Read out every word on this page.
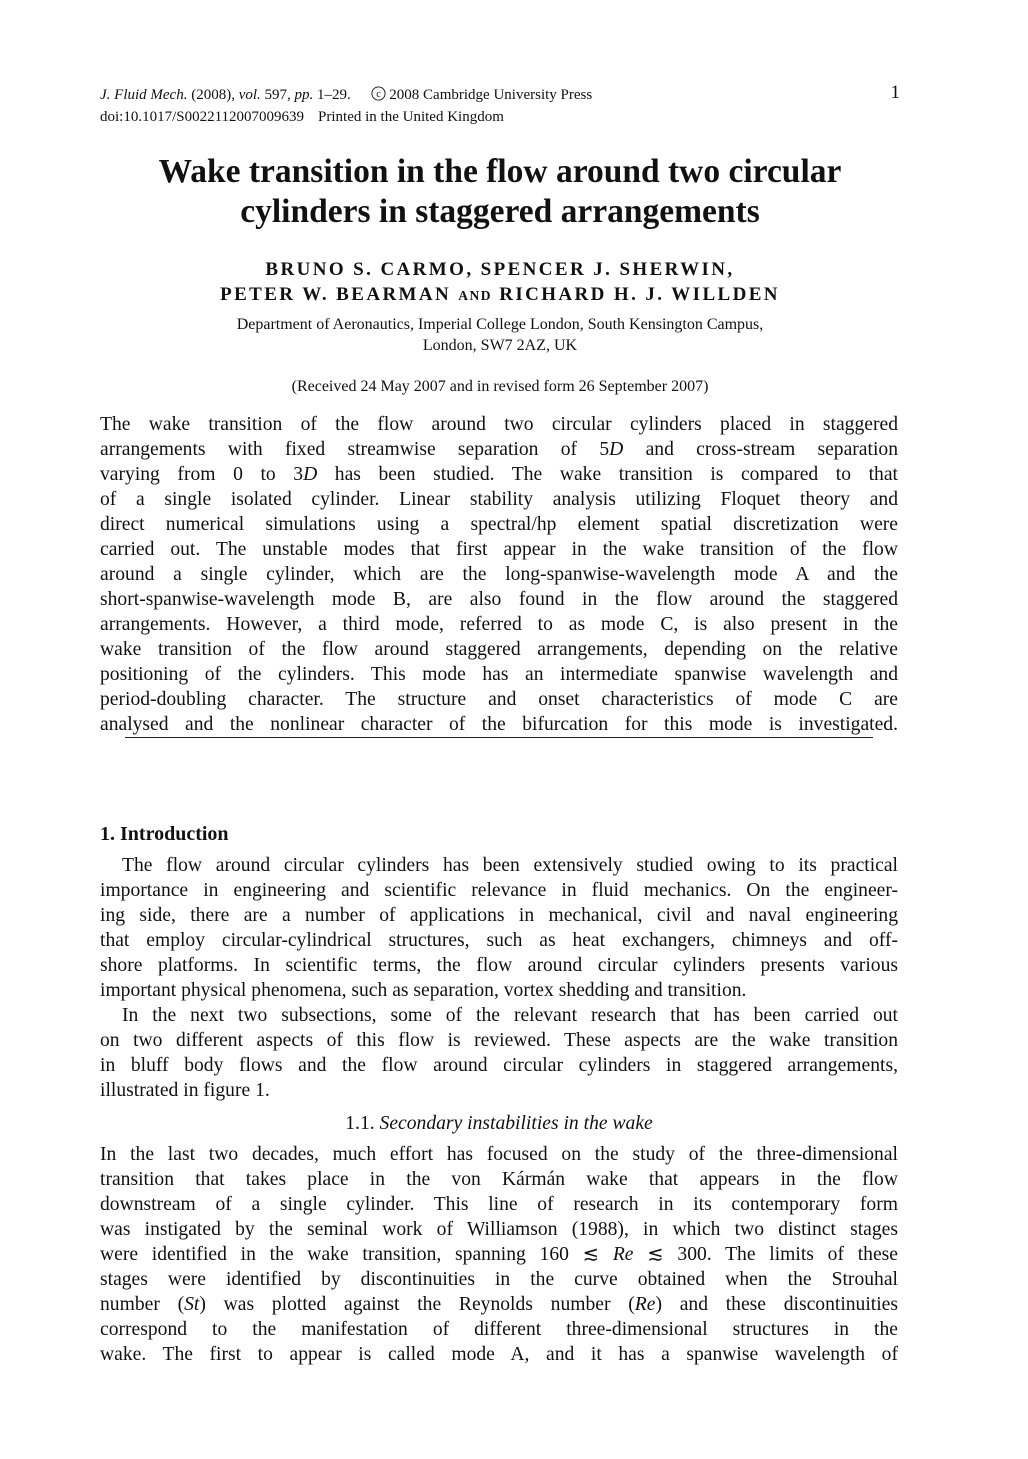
J. Fluid Mech. (2008), vol. 597, pp. 1–29.	c 2008 Cambridge University Press	1
doi:10.1017/S0022112007009639 Printed in the United Kingdom
Wake transition in the flow around two circular
cylinders in staggered arrangements
BRUNO S. CARMO, SPENCER J. SHERWIN,
PETER W. BEARMAN AND RICHARD H. J. WILLDEN
Department of Aeronautics, Imperial College London, South Kensington Campus,
London, SW7 2AZ, UK
(Received 24 May 2007 and in revised form 26 September 2007)
The wake transition of the flow around two circular cylinders placed in staggered
arrangements with fixed streamwise separation of 5D and cross-stream separation
varying from 0 to 3D has been studied. The wake transition is compared to that
of a single isolated cylinder. Linear stability analysis utilizing Floquet theory and
direct numerical simulations using a spectral/hp element spatial discretization were
carried out. The unstable modes that first appear in the wake transition of the flow
around a single cylinder, which are the long-spanwise-wavelength mode A and the
short-spanwise-wavelength mode B, are also found in the flow around the staggered
arrangements. However, a third mode, referred to as mode C, is also present in the
wake transition of the flow around staggered arrangements, depending on the relative
positioning of the cylinders. This mode has an intermediate spanwise wavelength and
period-doubling character. The structure and onset characteristics of mode C are
analysed and the nonlinear character of the bifurcation for this mode is investigated.
1. Introduction
The flow around circular cylinders has been extensively studied owing to its practical
importance in engineering and scientific relevance in fluid mechanics. On the engineer-
ing side, there are a number of applications in mechanical, civil and naval engineering
that employ circular-cylindrical structures, such as heat exchangers, chimneys and off-
shore platforms. In scientific terms, the flow around circular cylinders presents various
important physical phenomena, such as separation, vortex shedding and transition.
In the next two subsections, some of the relevant research that has been carried out
on two different aspects of this flow is reviewed. These aspects are the wake transition
in bluff body flows and the flow around circular cylinders in staggered arrangements,
illustrated in figure 1.
1.1. Secondary instabilities in the wake
In the last two decades, much effort has focused on the study of the three-dimensional
transition that takes place in the von Kármán wake that appears in the flow
downstream of a single cylinder. This line of research in its contemporary form
was instigated by the seminal work of Williamson (1988), in which two distinct stages
were identified in the wake transition, spanning 160 ≲ Re ≲ 300. The limits of these
stages were identified by discontinuities in the curve obtained when the Strouhal
number (St) was plotted against the Reynolds number (Re) and these discontinuities
correspond to the manifestation of different three-dimensional structures in the
wake. The first to appear is called mode A, and it has a spanwise wavelength of
